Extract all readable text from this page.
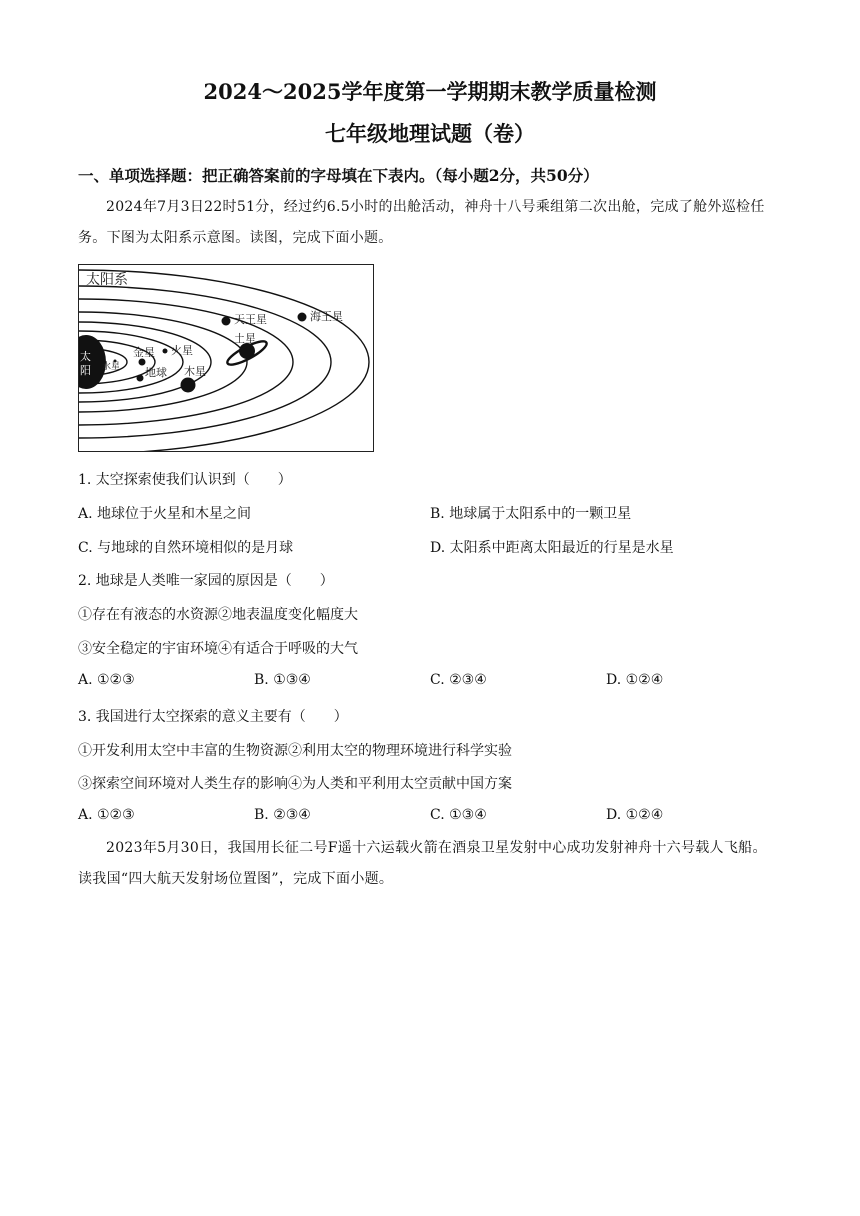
2024～2025学年度第一学期期末教学质量检测
七年级地理试题（卷）
一、单项选择题：把正确答案前的字母填在下表内。（每小题2分，共50分）
2024年7月3日22时51分，经过约6.5小时的出舱活动，神舟十八号乘组第二次出舱，完成了舱外巡检任务。下图为太阳系示意图。读图，完成下面小题。
太阳系
太阳	水星
金星
地球
火星
木星
土星
天王星	海王星
1. 太空探索使我们认识到（　　）
A. 地球位于火星和木星之间	B. 地球属于太阳系中的一颗卫星
C. 与地球的自然环境相似的是月球	D. 太阳系中距离太阳最近的行星是水星
2. 地球是人类唯一家园的原因是（　　）
①存在有液态的水资源②地表温度变化幅度大
③安全稳定的宇宙环境④有适合于呼吸的大气
A. ①②③	B. ①③④	C. ②③④	D. ①②④
3. 我国进行太空探索的意义主要有（　　）
①开发利用太空中丰富的生物资源②利用太空的物理环境进行科学实验
③探索空间环境对人类生存的影响④为人类和平利用太空贡献中国方案
A. ①②③	B. ②③④	C. ①③④	D. ①②④
2023年5月30日，我国用长征二号F遥十六运载火箭在酒泉卫星发射中心成功发射神舟十六号载人飞船。读我国“四大航天发射场位置图”，完成下面小题。
